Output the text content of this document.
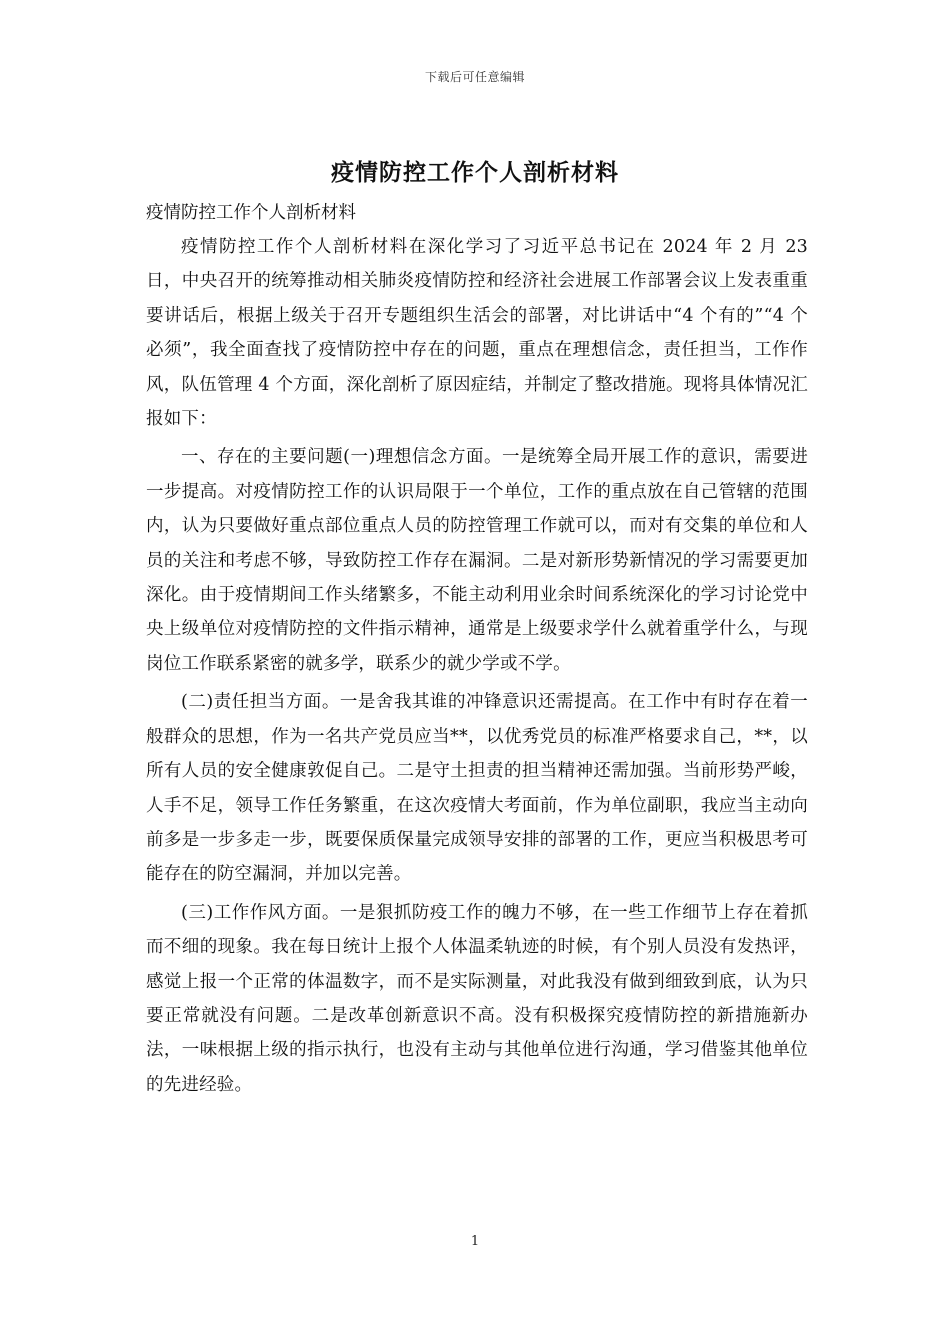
下载后可任意编辑
疫情防控工作个人剖析材料

疫情防控工作个人剖析材料

疫情防控工作个人剖析材料在深化学习了习近平总书记在 2024 年 2 月 23 日，中央召开的统筹推动相关肺炎疫情防控和经济社会进展工作部署会议上发表重重要讲话后，根据上级关于召开专题组织生活会的部署，对比讲话中“4 个有的”“4 个必须”，我全面查找了疫情防控中存在的问题，重点在理想信念，责任担当，工作作风，队伍管理 4 个方面，深化剖析了原因症结，并制定了整改措施。现将具体情况汇报如下：

一、存在的主要问题(一)理想信念方面。一是统筹全局开展工作的意识，需要进一步提高。对疫情防控工作的认识局限于一个单位，工作的重点放在自己管辖的范围内，认为只要做好重点部位重点人员的防控管理工作就可以，而对有交集的单位和人员的关注和考虑不够，导致防控工作存在漏洞。二是对新形势新情况的学习需要更加深化。由于疫情期间工作头绪繁多，不能主动利用业余时间系统深化的学习讨论党中央上级单位对疫情防控的文件指示精神，通常是上级要求学什么就着重学什么，与现岗位工作联系紧密的就多学，联系少的就少学或不学。

(二)责任担当方面。一是舍我其谁的冲锋意识还需提高。在工作中有时存在着一般群众的思想，作为一名共产党员应当**，以优秀党员的标准严格要求自己，**，以所有人员的安全健康敦促自己。二是守土担责的担当精神还需加强。当前形势严峻，人手不足，领导工作任务繁重，在这次疫情大考面前，作为单位副职，我应当主动向前多是一步多走一步，既要保质保量完成领导安排的部署的工作，更应当积极思考可能存在的防空漏洞，并加以完善。

(三)工作作风方面。一是狠抓防疫工作的魄力不够，在一些工作细节上存在着抓而不细的现象。我在每日统计上报个人体温柔轨迹的时候，有个别人员没有发热评，感觉上报一个正常的体温数字，而不是实际测量，对此我没有做到细致到底，认为只要正常就没有问题。二是改革创新意识不高。没有积极探究疫情防控的新措施新办法，一味根据上级的指示执行，也没有主动与其他单位进行沟通，学习借鉴其他单位的先进经验。

1
